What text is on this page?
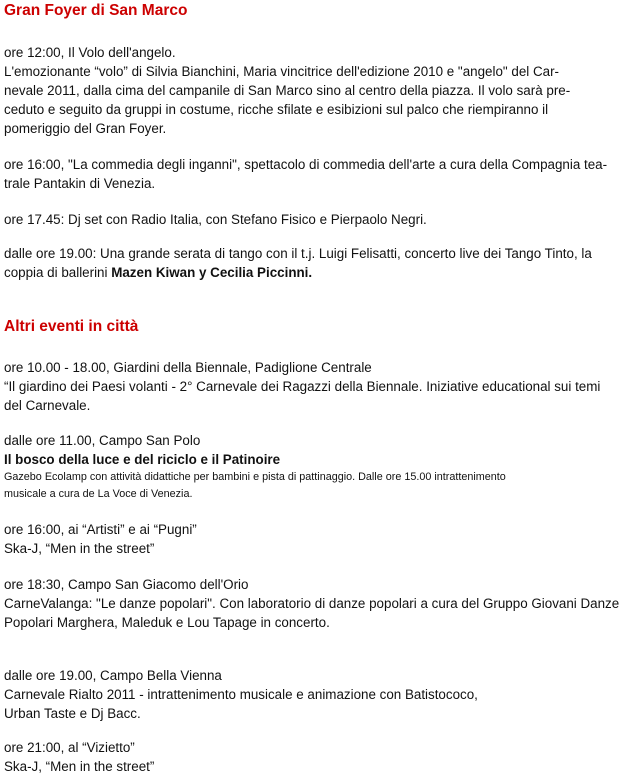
Gran Foyer di San Marco
ore 12:00, Il Volo dell'angelo.
L'emozionante “volo” di Silvia Bianchini, Maria vincitrice dell'edizione 2010 e "angelo" del Car-
nevale 2011, dalla cima del campanile di San Marco sino al centro della piazza. Il volo sarà pre-
ceduto e seguito da gruppi in costume, ricche sfilate e esibizioni sul palco che riempiranno il
pomeriggio del Gran Foyer.
ore 16:00, "La commedia degli inganni", spettacolo di commedia dell'arte a cura della Compagnia tea-
trale Pantakin di Venezia.
ore 17.45: Dj set con Radio Italia, con Stefano Fisico e Pierpaolo Negri.
dalle ore 19.00: Una grande serata di tango con il t.j. Luigi Felisatti, concerto live dei Tango Tinto, la
coppia di ballerini Mazen Kiwan y Cecilia Piccinni.
Altri eventi in città
ore 10.00 - 18.00, Giardini della Biennale, Padiglione Centrale
“Il giardino dei Paesi volanti - 2° Carnevale dei Ragazzi della Biennale. Iniziative educational sui temi
del Carnevale.
dalle ore 11.00, Campo San Polo
Il bosco della luce e del riciclo e il Patinoire
Gazebo Ecolamp con attività didattiche per bambini e pista di pattinaggio. Dalle ore 15.00 intrattenimento
musicale a cura de La Voce di Venezia.
ore 16:00, ai “Artisti” e ai “Pugni”
Ska-J, “Men in the street”
ore 18:30, Campo San Giacomo dell'Orio
CarneValanga: "Le danze popolari". Con laboratorio di danze popolari a cura del Gruppo Giovani Danze
Popolari Marghera, Maleduk e Lou Tapage in concerto.
dalle ore 19.00, Campo Bella Vienna
Carnevale Rialto 2011 - intrattenimento musicale e animazione con Batistococo,
Urban Taste e Dj Bacc.
ore 21:00, al “Vizietto”
Ska-J, “Men in the street”
